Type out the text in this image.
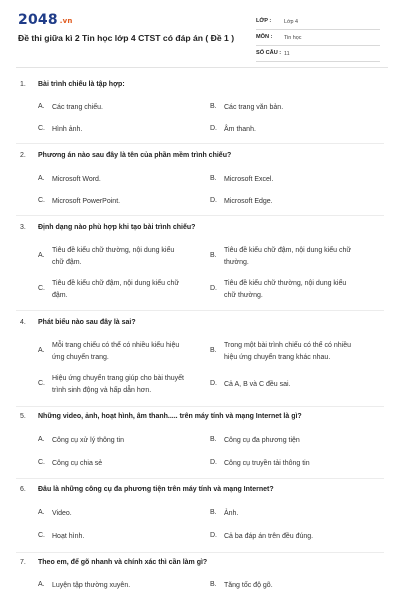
2048 .vn
Đề thi giữa kì 2 Tin học lớp 4 CTST có đáp án ( Đề 1 )
LỚP : Lớp 4
MÔN : Tin học
SỐ CÂU : 11
1. Bài trình chiếu là tập hợp:
A. Các trang chiếu.	B. Các trang văn bản.
C. Hình ảnh.	D. Âm thanh.
2. Phương án nào sau đây là tên của phần mềm trình chiếu?
A. Microsoft Word.	B. Microsoft Excel.
C. Microsoft PowerPoint.	D. Microsoft Edge.
3. Định dạng nào phù hợp khi tạo bài trình chiếu?
A.
Tiêu đề kiểu chữ thường, nội dung kiểu
chữ đậm.
B.
Tiêu đề kiểu chữ đậm, nội dung kiểu chữ
thường.
C.
Tiêu đề kiểu chữ đậm, nội dung kiểu chữ
đậm.
D.
Tiêu đề kiểu chữ thường, nội dung kiểu
chữ thường.
4. Phát biểu nào sau đây là sai?
A.
Mỗi trang chiếu có thể có nhiều kiểu hiệu
ứng chuyển trang.
B.
Trong một bài trình chiếu có thể có nhiều
hiệu ứng chuyển trang khác nhau.
C.
Hiệu ứng chuyển trang giúp cho bài thuyết
trình sinh động và hấp dẫn hơn.
D. Cả A, B và C đều sai.
5. Những video, ảnh, hoạt hình, âm thanh..... trên máy tính và mạng Internet là gì?
A. Công cụ xử lý thông tin	B. Công cụ đa phương tiện
C. Công cụ chia sẻ	D. Công cụ truyền tải thông tin
6. Đâu là những công cụ đa phương tiện trên máy tính và mạng Internet?
A. Video.	B. Ảnh.
C. Hoạt hình.	D. Cả ba đáp án trên đều đúng.
7. Theo em, để gõ nhanh và chính xác thì cần làm gì?
A. Luyện tập thường xuyên.	B. Tăng tốc độ gõ.
